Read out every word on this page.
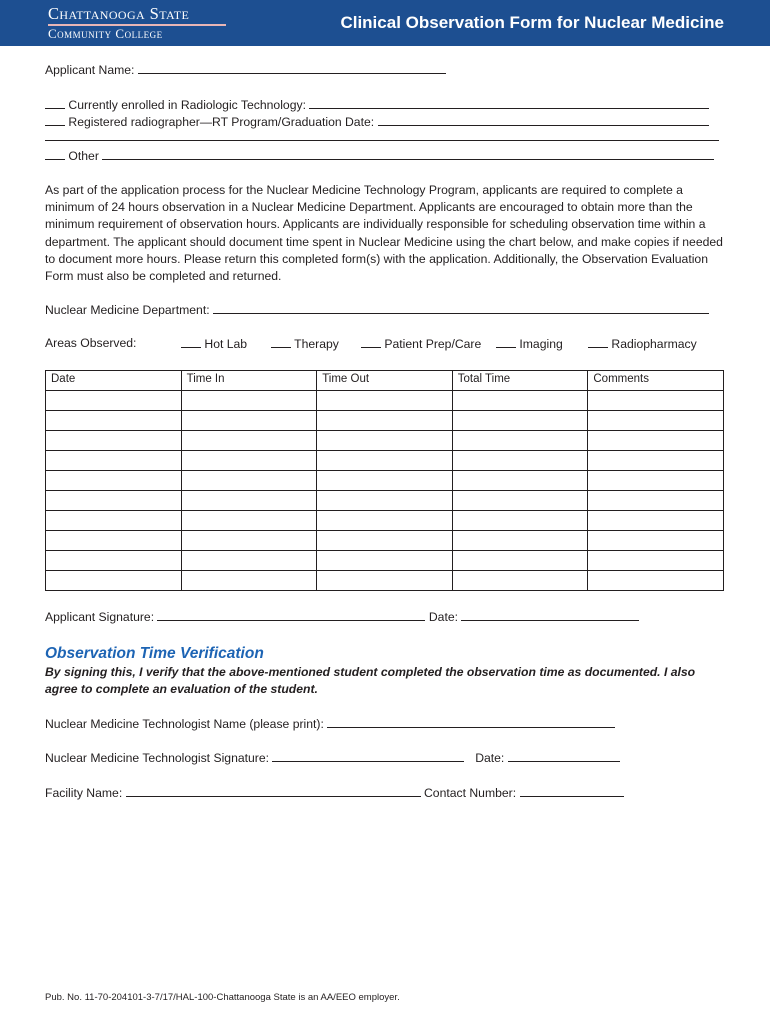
Chattanooga State
Community College
Clinical Observation Form for Nuclear Medicine
Applicant Name:
Currently enrolled in Radiologic Technology:
Registered radiographer—RT Program/Graduation Date:
Other
As part of the application process for the Nuclear Medicine Technology Program, applicants are required to complete a minimum of 24 hours observation in a Nuclear Medicine Department. Applicants are encouraged to obtain more than the minimum requirement of observation hours. Applicants are individually responsible for scheduling observation time within a department. The applicant should document time spent in Nuclear Medicine using the chart below, and make copies if needed to document more hours. Please return this completed form(s) with the application. Additionally, the Observation Evaluation Form must also be completed and returned.
Nuclear Medicine Department:
Areas Observed:	Hot Lab	Therapy	Patient Prep/Care	Imaging	Radiopharmacy
Date	Time In	Time Out	Total Time	Comments

Applicant Signature:	Date:
Observation Time Verification
By signing this, I verify that the above-mentioned student completed the observation time as documented. I also agree to complete an evaluation of the student.
Nuclear Medicine Technologist Name (please print):
Nuclear Medicine Technologist Signature:	Date:
Facility Name:	Contact Number:
Pub. No. 11-70-204101-3-7/17/HAL-100-Chattanooga State is an AA/EEO employer.
